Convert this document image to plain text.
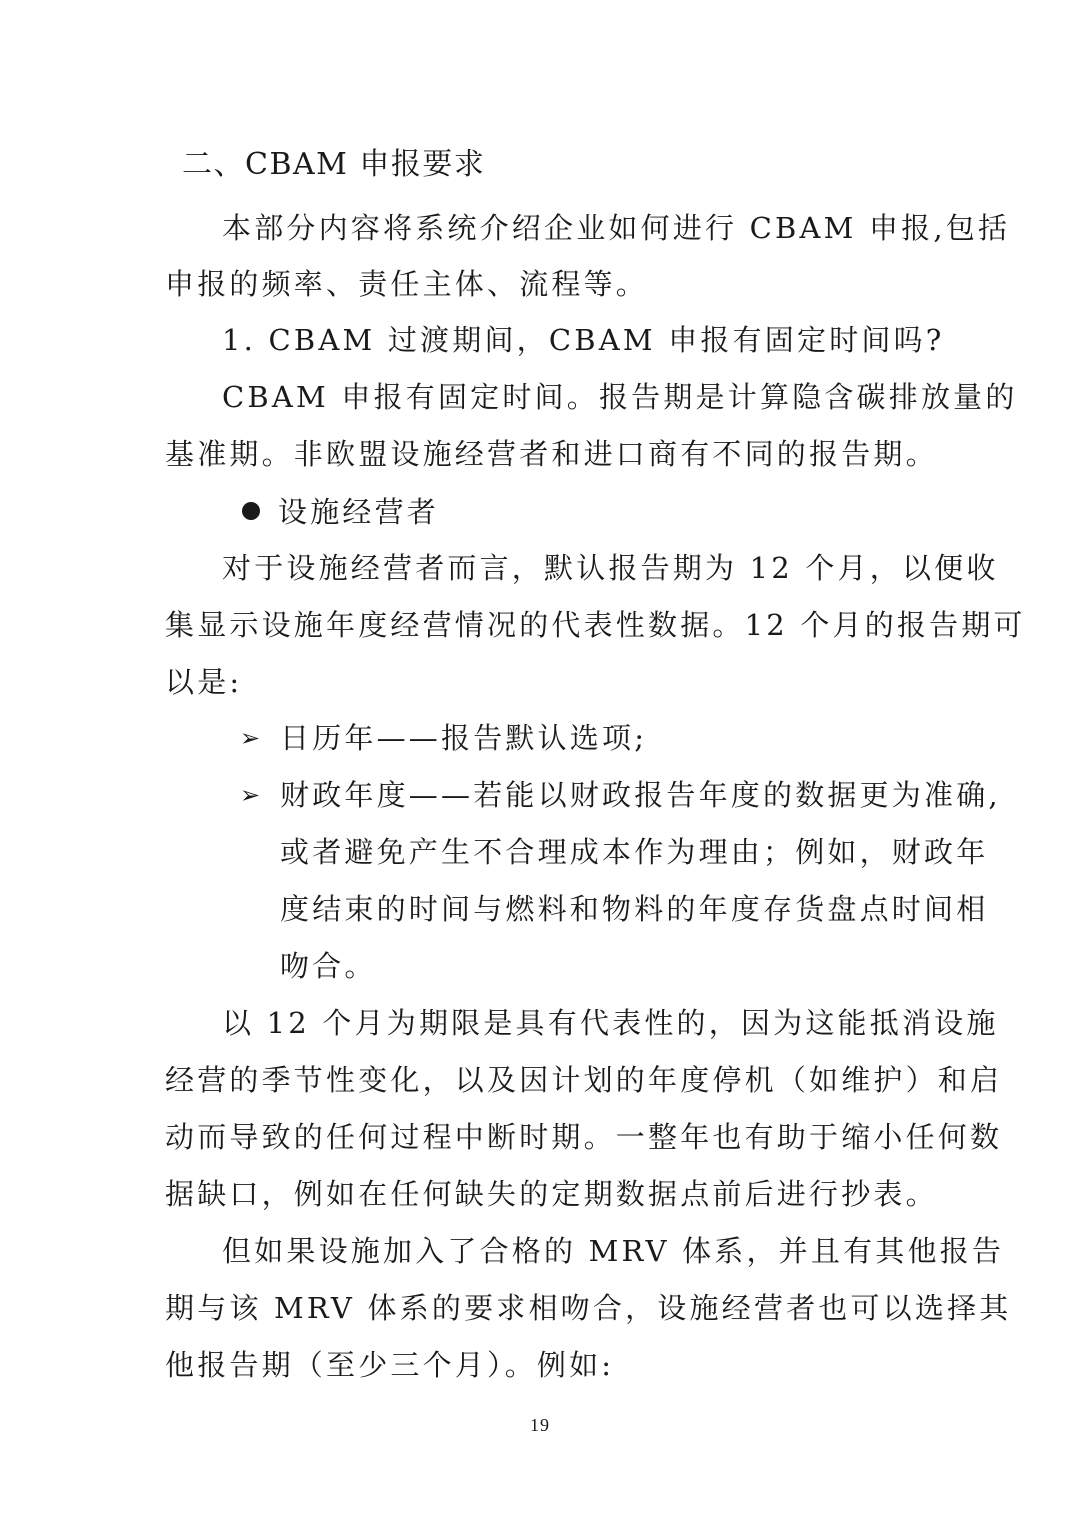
二、CBAM 申报要求
本部分内容将系统介绍企业如何进行 CBAM 申报,包括
申报的频率、责任主体、流程等。
1. CBAM 过渡期间，CBAM 申报有固定时间吗?
CBAM 申报有固定时间。报告期是计算隐含碳排放量的
基准期。非欧盟设施经营者和进口商有不同的报告期。
设施经营者
对于设施经营者而言，默认报告期为 12 个月，以便收
集显示设施年度经营情况的代表性数据。12 个月的报告期可
以是:
➢ 日历年——报告默认选项;
➢ 财政年度——若能以财政报告年度的数据更为准确,
或者避免产生不合理成本作为理由；例如，财政年
度结束的时间与燃料和物料的年度存货盘点时间相
吻合。
以 12 个月为期限是具有代表性的，因为这能抵消设施
经营的季节性变化，以及因计划的年度停机（如维护）和启
动而导致的任何过程中断时期。一整年也有助于缩小任何数
据缺口，例如在任何缺失的定期数据点前后进行抄表。
但如果设施加入了合格的 MRV 体系，并且有其他报告
期与该 MRV 体系的要求相吻合，设施经营者也可以选择其
他报告期（至少三个月）。例如:
19
